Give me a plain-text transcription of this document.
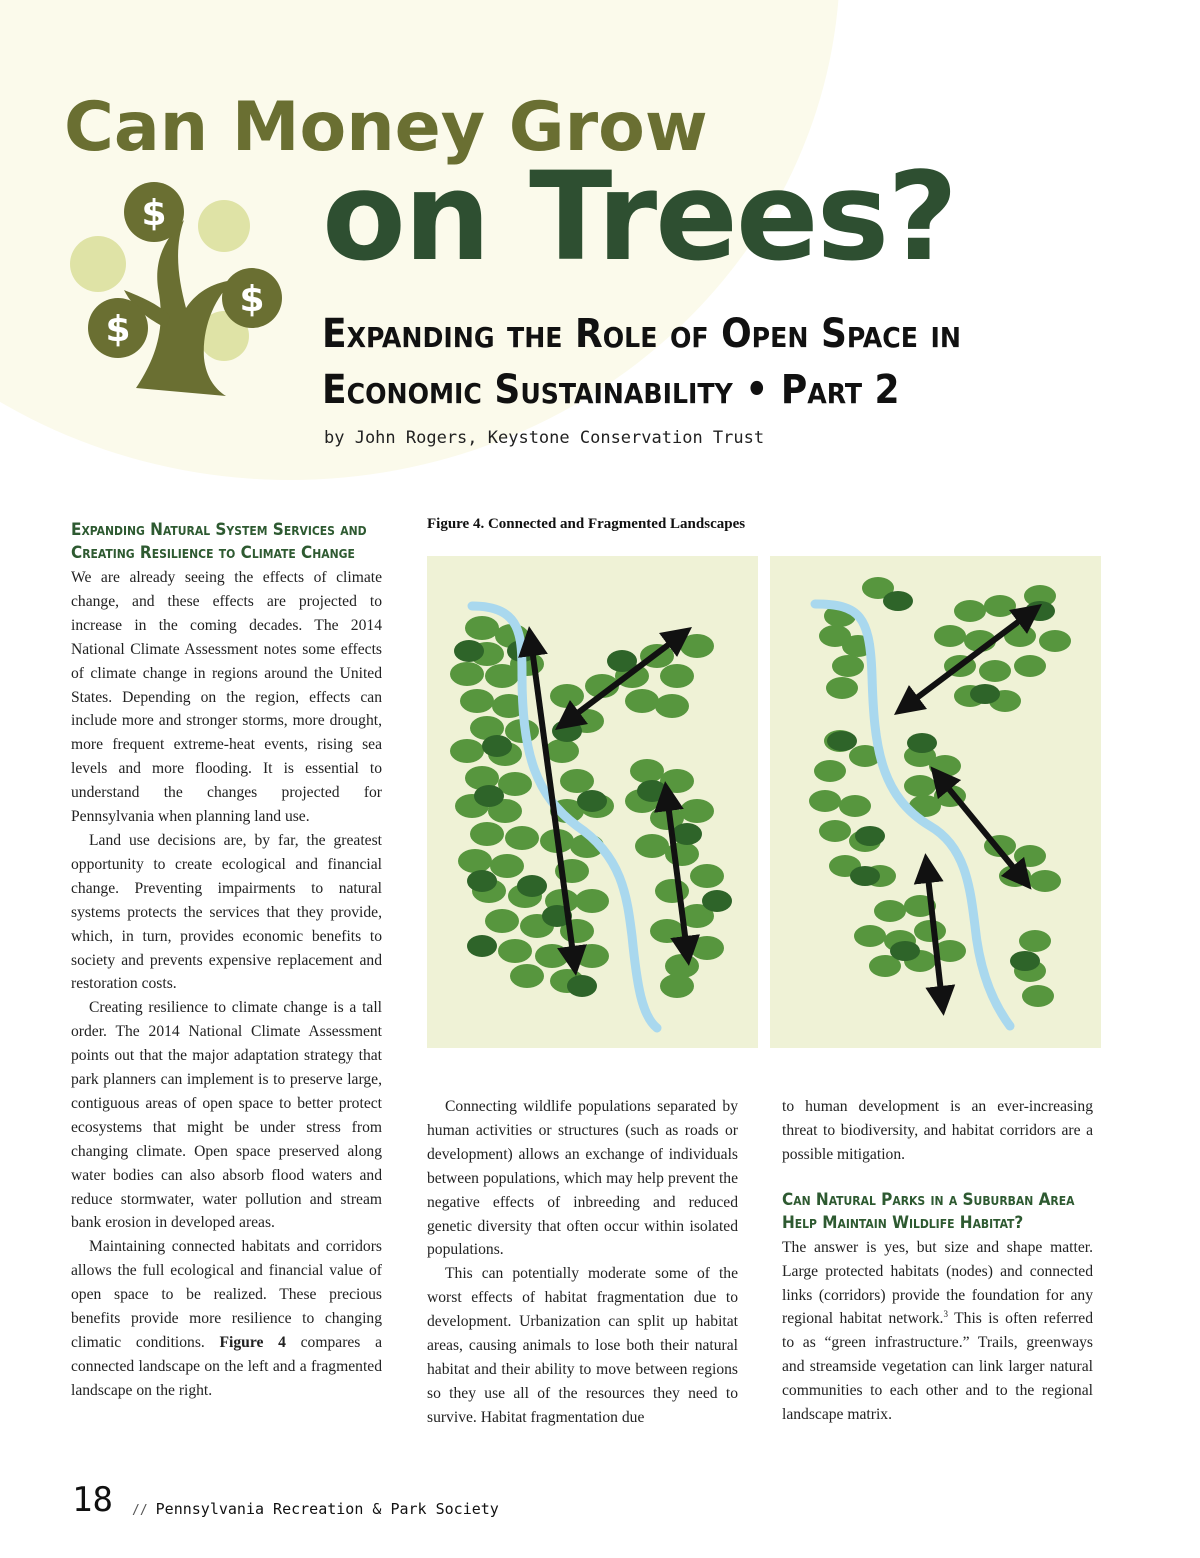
Can Money Grow
on Trees?
$
$
$
Expanding the Role of Open Space in
Economic Sustainability • Part 2
by John Rogers, Keystone Conservation Trust
Expanding Natural System Services and
Creating Resilience to Climate Change

We are already seeing the effects of climate change, and these effects are projected to increase in the coming decades. The 2014 National Climate Assessment notes some effects of climate change in regions around the United States. Depending on the region, effects can include more and stronger storms, more drought, more frequent extreme-heat events, rising sea levels and more flooding. It is essential to understand the changes projected for Pennsylvania when planning land use.

Land use decisions are, by far, the greatest opportunity to create ecological and financial change. Preventing impairments to natural systems protects the services that they provide, which, in turn, provides economic benefits to society and prevents expensive replacement and restoration costs.

Creating resilience to climate change is a tall order. The 2014 National Climate Assessment points out that the major adaptation strategy that park planners can implement is to preserve large, contiguous areas of open space to better protect ecosystems that might be under stress from changing climate. Open space preserved along water bodies can also absorb flood waters and reduce stormwater, water pollution and stream bank erosion in developed areas.

Maintaining connected habitats and corridors allows the full ecological and financial value of open space to be realized. These precious benefits provide more resilience to changing climatic conditions. Figure 4 compares a connected landscape on the left and a fragmented landscape on the right.

Figure 4. Connected and Fragmented Landscapes

Connecting wildlife populations separated by human activities or structures (such as roads or development) allows an exchange of individuals between populations, which may help prevent the negative effects of inbreeding and reduced genetic diversity that often occur within isolated populations.

This can potentially moderate some of the worst effects of habitat fragmentation due to development. Urbanization can split up habitat areas, causing animals to lose both their natural habitat and their ability to move between regions so they use all of the resources they need to survive. Habitat fragmentation due

to human development is an ever-increasing threat to biodiversity, and habitat corridors are a possible mitigation.

Can Natural Parks in a Suburban Area
Help Maintain Wildlife Habitat?

The answer is yes, but size and shape matter. Large protected habitats (nodes) and connected links (corridors) provide the foundation for any regional habitat network.$^3$ This is often referred to as “green infrastructure.” Trails, greenways and streamside vegetation can link larger natural communities to each other and to the regional landscape matrix.

18 // Pennsylvania Recreation & Park Society
